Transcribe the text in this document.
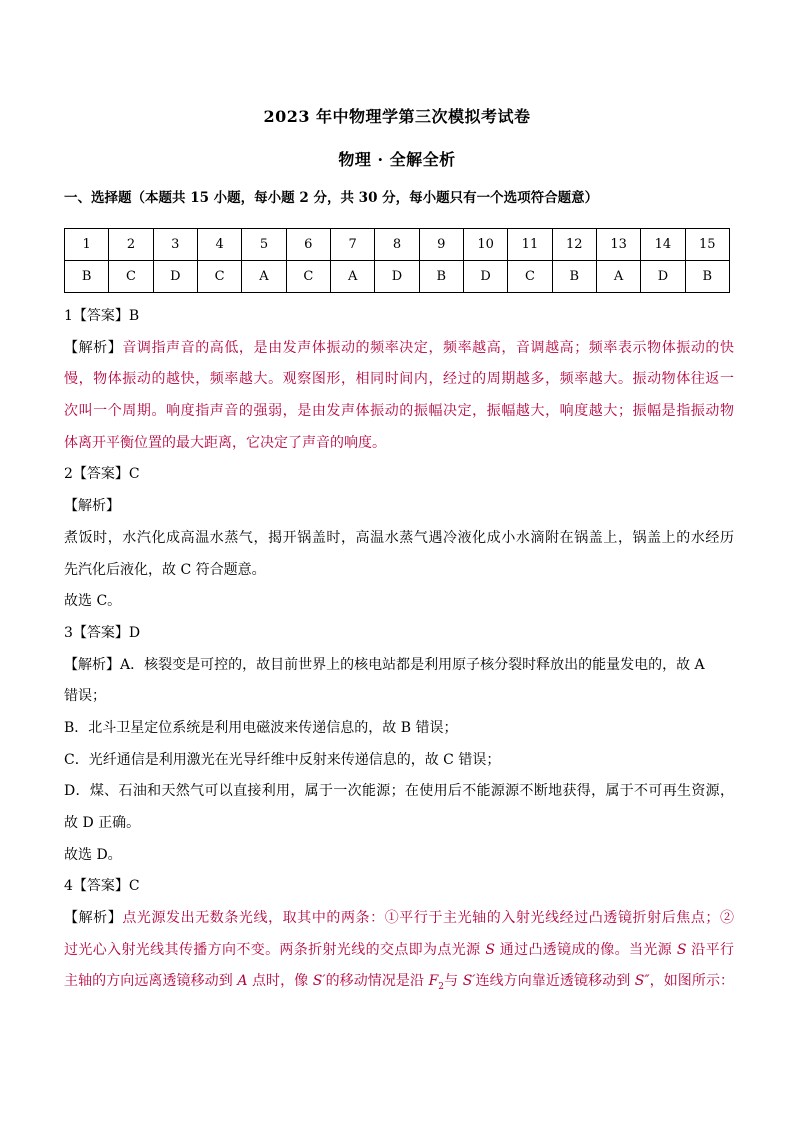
2023 年中物理学第三次模拟考试卷
物理 · 全解全析
一、选择题（本题共 15 小题，每小题 2 分，共 30 分，每小题只有一个选项符合题意）
1	2	3	4	5	6	7	8	9	10	11	12	13	14	15
B	C	D	C	A	C	A	D	B	D	C	B	A	D	B
1【答案】B
【解析】音调指声音的高低，是由发声体振动的频率决定，频率越高，音调越高；频率表示物体振动的快
慢，物体振动的越快，频率越大。观察图形，相同时间内，经过的周期越多，频率越大。振动物体往返一
次叫一个周期。响度指声音的强弱，是由发声体振动的振幅决定，振幅越大，响度越大；振幅是指振动物
体离开平衡位置的最大距离，它决定了声音的响度。
2【答案】C
【解析】
煮饭时，水汽化成高温水蒸气，揭开锅盖时，高温水蒸气遇冷液化成小水滴附在锅盖上，锅盖上的水经历
先汽化后液化，故 C 符合题意。
故选 C。
3【答案】D
【解析】A．核裂变是可控的，故目前世界上的核电站都是利用原子核分裂时释放出的能量发电的，故 A
错误；
B．北斗卫星定位系统是利用电磁波来传递信息的，故 B 错误；
C．光纤通信是利用激光在光导纤维中反射来传递信息的，故 C 错误；
D．煤、石油和天然气可以直接利用，属于一次能源；在使用后不能源源不断地获得，属于不可再生资源，
故 D 正确。
故选 D。
4【答案】C
【解析】点光源发出无数条光线，取其中的两条：①平行于主光轴的入射光线经过凸透镜折射后焦点；②
过光心入射光线其传播方向不变。两条折射光线的交点即为点光源 S 通过凸透镜成的像。当光源 S 沿平行
主轴的方向远离透镜移动到 A 点时，像 S′的移动情况是沿 $F_2$与 S′连线方向靠近透镜移动到 S″，如图所示：
